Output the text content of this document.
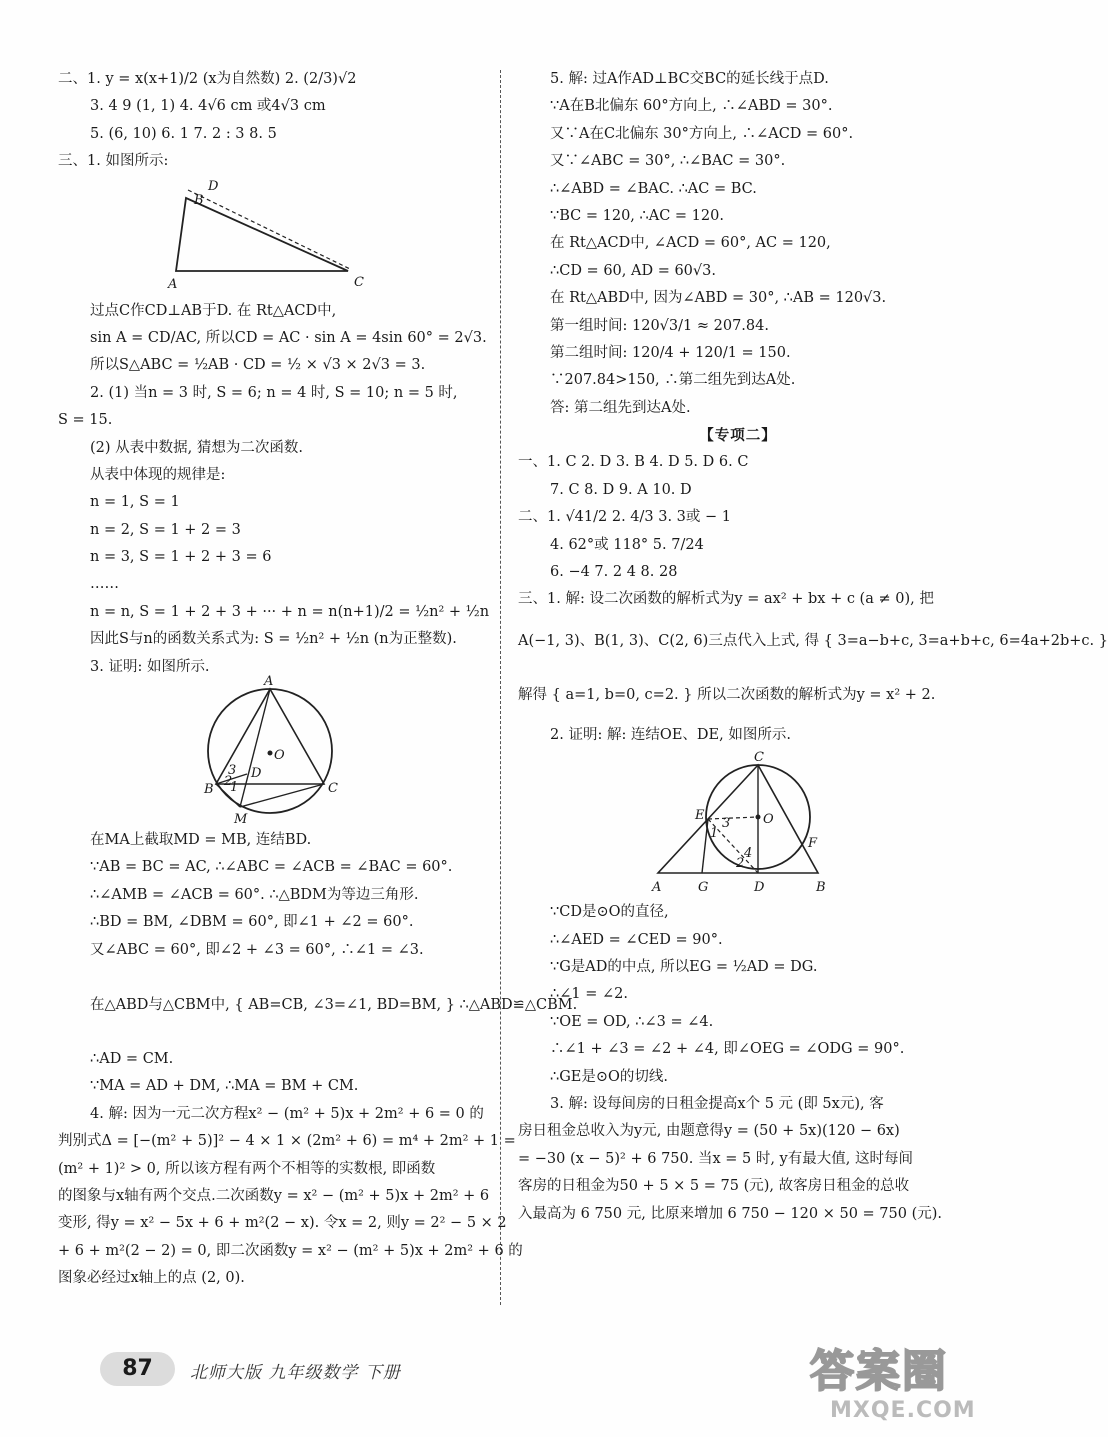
二、1. y = x(x+1)/2 (x为自然数) 2. (2/3)√2
3. 4 9 (1, 1) 4. 4√6 cm 或4√3 cm
5. (6, 10) 6. 1 7. 2 : 3 8. 5
三、1. 如图所示:
D
B
A	C
过点C作CD⊥AB于D. 在 Rt△ACD中,
sin A = CD/AC, 所以CD = AC · sin A = 4sin 60° = 2√3.
所以S△ABC = ½AB · CD = ½ × √3 × 2√3 = 3.
2. (1) 当n = 3 时, S = 6; n = 4 时, S = 10; n = 5 时,
S = 15.
(2) 从表中数据, 猜想为二次函数.
从表中体现的规律是:
n = 1, S = 1
n = 2, S = 1 + 2 = 3
n = 3, S = 1 + 2 + 3 = 6
……
n = n, S = 1 + 2 + 3 + ··· + n = n(n+1)/2 = ½n² + ½n
因此S与n的函数关系式为: S = ½n² + ½n (n为正整数).
3. 证明: 如图所示.
A
O
D
B	C
M
1
2
3
在MA上截取MD = MB, 连结BD.
∵AB = BC = AC, ∴∠ABC = ∠ACB = ∠BAC = 60°.
∴∠AMB = ∠ACB = 60°. ∴△BDM为等边三角形.
∴BD = BM, ∠DBM = 60°, 即∠1 + ∠2 = 60°.
又∠ABC = 60°, 即∠2 + ∠3 = 60°, ∴∠1 = ∠3.
在△ABD与△CBM中, { AB=CB, ∠3=∠1, BD=BM, } ∴△ABD≌△CBM.
∴AD = CM.
∵MA = AD + DM, ∴MA = BM + CM.
4. 解: 因为一元二次方程x² − (m² + 5)x + 2m² + 6 = 0 的
判别式Δ = [−(m² + 5)]² − 4 × 1 × (2m² + 6) = m⁴ + 2m² + 1 =
(m² + 1)² > 0, 所以该方程有两个不相等的实数根, 即函数
的图象与x轴有两个交点.二次函数y = x² − (m² + 5)x + 2m² + 6
变形, 得y = x² − 5x + 6 + m²(2 − x). 令x = 2, 则y = 2² − 5 × 2
+ 6 + m²(2 − 2) = 0, 即二次函数y = x² − (m² + 5)x + 2m² + 6 的
图象必经过x轴上的点 (2, 0).
5. 解: 过A作AD⊥BC交BC的延长线于点D.
∵A在B北偏东 60°方向上, ∴∠ABD = 30°.
又∵A在C北偏东 30°方向上, ∴∠ACD = 60°.
又∵∠ABC = 30°, ∴∠BAC = 30°.
∴∠ABD = ∠BAC. ∴AC = BC.
∵BC = 120, ∴AC = 120.
在 Rt△ACD中, ∠ACD = 60°, AC = 120,
∴CD = 60, AD = 60√3.
在 Rt△ABD中, 因为∠ABD = 30°, ∴AB = 120√3.
第一组时间: 120√3/1 ≈ 207.84.
第二组时间: 120/4 + 120/1 = 150.
∵207.84>150, ∴第二组先到达A处.
答: 第二组先到达A处.
【专项二】
一、1. C 2. D 3. B 4. D 5. D 6. C
7. C 8. D 9. A 10. D
二、1. √41/2 2. 4/3 3. 3或 − 1
4. 62°或 118° 5. 7/24
6. −4 7. 2 4 8. 28
三、1. 解: 设二次函数的解析式为y = ax² + bx + c (a ≠ 0), 把
A(−1, 3)、B(1, 3)、C(2, 6)三点代入上式, 得 { 3=a−b+c, 3=a+b+c, 6=4a+2b+c. }
解得 { a=1, b=0, c=2. } 所以二次函数的解析式为y = x² + 2.
2. 证明: 解: 连结OE、DE, 如图所示.
C
E	O
F
A	G	D	B
1
2
3
4
∵CD是⊙O的直径,
∴∠AED = ∠CED = 90°.
∵G是AD的中点, 所以EG = ½AD = DG.
∴∠1 = ∠2.
∵OE = OD, ∴∠3 = ∠4.
∴∠1 + ∠3 = ∠2 + ∠4, 即∠OEG = ∠ODG = 90°.
∴GE是⊙O的切线.
3. 解: 设每间房的日租金提高x个 5 元 (即 5x元), 客
房日租金总收入为y元, 由题意得y = (50 + 5x)(120 − 6x)
= −30 (x − 5)² + 6 750. 当x = 5 时, y有最大值, 这时每间
客房的日租金为50 + 5 × 5 = 75 (元), 故客房日租金的总收
入最高为 6 750 元, 比原来增加 6 750 − 120 × 50 = 750 (元).
87	北师大版 九年级数学 下册	答案圈
MXQE.COM
